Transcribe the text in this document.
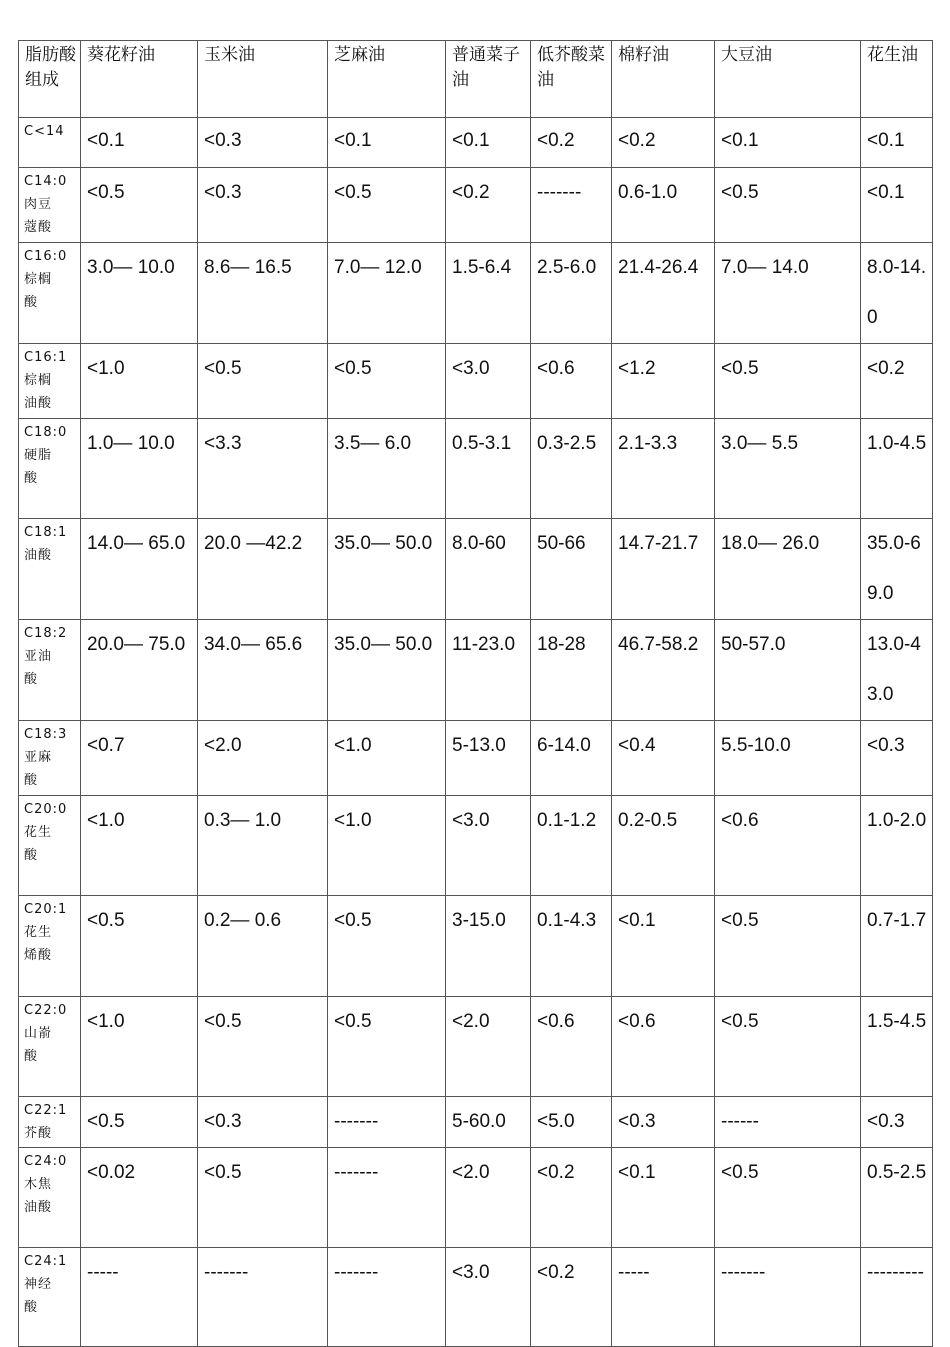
脂肪酸组成	葵花籽油	玉米油	芝麻油	普通菜子油	低芥酸菜油	棉籽油	大豆油	花生油

C<14	<0.1	<0.3	<0.1	<0.1	<0.2	<0.2	<0.1	<0.1

C14:0
肉豆
蔻酸	<0.5	<0.3	<0.5	<0.2	-------	0.6-1.0	<0.5	<0.1

C16:0
棕榈
酸	3.0— 10.0	8.6— 16.5	7.0— 12.0	1.5-6.4	2.5-6.0	21.4-26.4	7.0— 14.0	8.0-14.0

C16:1
棕榈
油酸	<1.0	<0.5	<0.5	<3.0	<0.6	<1.2	<0.5	<0.2

C18:0
硬脂
酸	1.0— 10.0	<3.3	3.5— 6.0	0.5-3.1	0.3-2.5	2.1-3.3	3.0— 5.5	1.0-4.5

C18:1
油酸	14.0— 65.0	20.0 —42.2	35.0— 50.0	8.0-60	50-66	14.7-21.7	18.0— 26.0	35.0-69.0

C18:2
亚油
酸	20.0— 75.0	34.0— 65.6	35.0— 50.0	11-23.0	18-28	46.7-58.2	50-57.0	13.0-43.0

C18:3
亚麻
酸	<0.7	<2.0	<1.0	5-13.0	6-14.0	<0.4	5.5-10.0	<0.3

C20:0
花生
酸	<1.0	0.3— 1.0	<1.0	<3.0	0.1-1.2	0.2-0.5	<0.6	1.0-2.0

C20:1
花生
烯酸	<0.5	0.2— 0.6	<0.5	3-15.0	0.1-4.3	<0.1	<0.5	0.7-1.7

C22:0
山嵛
酸	<1.0	<0.5	<0.5	<2.0	<0.6	<0.6	<0.5	1.5-4.5

C22:1
芥酸	<0.5	<0.3	-------	5-60.0	<5.0	<0.3	------	<0.3

C24:0
木焦
油酸	<0.02	<0.5	-------	<2.0	<0.2	<0.1	<0.5	0.5-2.5

C24:1
神经
酸	-----	-------	-------	<3.0	<0.2	-----	-------	---------
